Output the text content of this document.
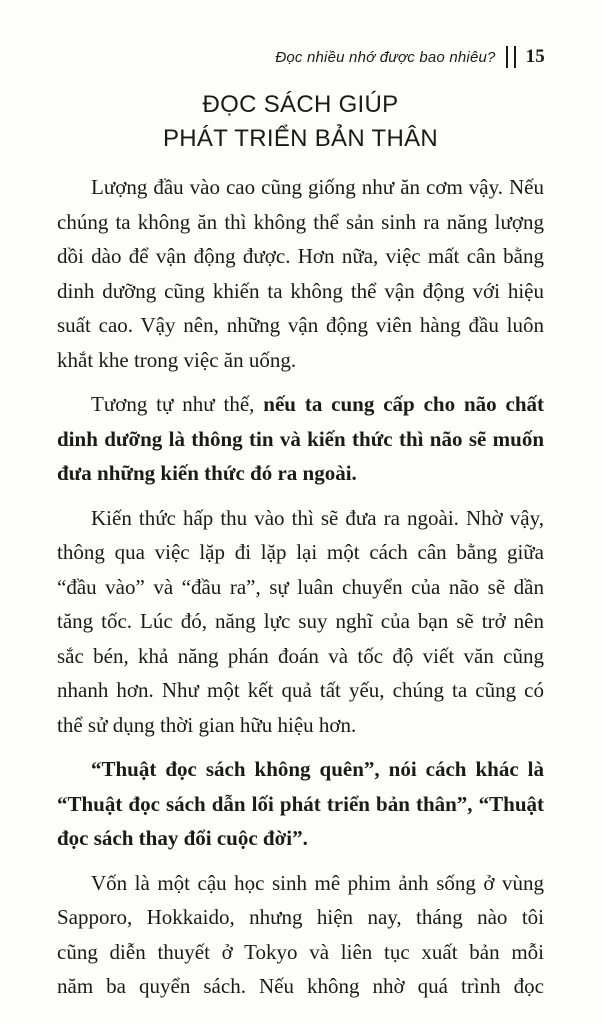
Đọc nhiều nhớ được bao nhiêu? 15
ĐỌC SÁCH GIÚP
PHÁT TRIỂN BẢN THÂN

Lượng đầu vào cao cũng giống như ăn cơm vậy. Nếu
chúng ta không ăn thì không thể sản sinh ra năng lượng
dồi dào để vận động được. Hơn nữa, việc mất cân bằng
dinh dưỡng cũng khiến ta không thể vận động với hiệu
suất cao. Vậy nên, những vận động viên hàng đầu luôn
khắt khe trong việc ăn uống.

Tương tự như thế, nếu ta cung cấp cho não chất
dinh dưỡng là thông tin và kiến thức thì não sẽ muốn
đưa những kiến thức đó ra ngoài.

Kiến thức hấp thu vào thì sẽ đưa ra ngoài. Nhờ vậy,
thông qua việc lặp đi lặp lại một cách cân bằng giữa
“đầu vào” và “đầu ra”, sự luân chuyển của não sẽ dần
tăng tốc. Lúc đó, năng lực suy nghĩ của bạn sẽ trở nên
sắc bén, khả năng phán đoán và tốc độ viết văn cũng
nhanh hơn. Như một kết quả tất yếu, chúng ta cũng có
thể sử dụng thời gian hữu hiệu hơn.

“Thuật đọc sách không quên”, nói cách khác là
“Thuật đọc sách dẫn lối phát triển bản thân”, “Thuật
đọc sách thay đổi cuộc đời”.

Vốn là một cậu học sinh mê phim ảnh sống ở vùng
Sapporo, Hokkaido, nhưng hiện nay, tháng nào tôi
cũng diễn thuyết ở Tokyo và liên tục xuất bản mỗi
năm ba quyển sách. Nếu không nhờ quá trình đọc
